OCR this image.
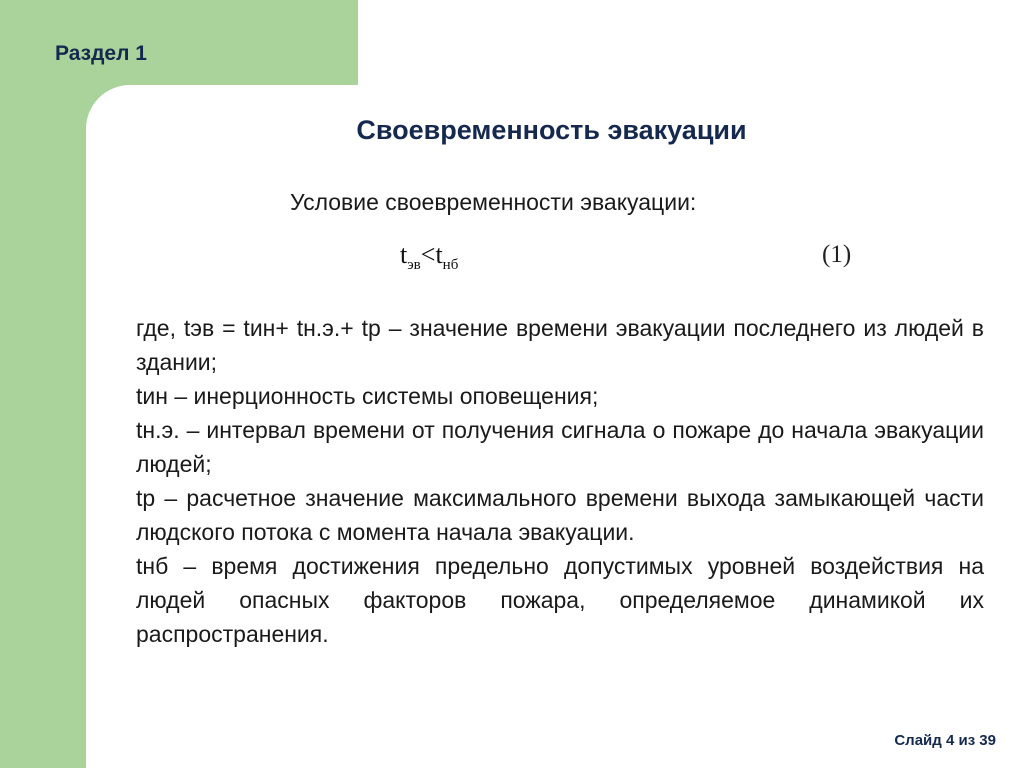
Раздел 1
Своевременность эвакуации
Условие своевременности эвакуации:
$t_{эв}<t_{нб}$	(1)

где, tэв = tин+ tн.э.+ tр – значение времени эвакуации последнего из людей в здании;

tин – инерционность системы оповещения;

tн.э. – интервал времени от получения сигнала о пожаре до начала эвакуации людей;

tр – расчетное значение максимального времени выхода замыкающей части людского потока с момента начала эвакуации.

tнб – время достижения предельно допустимых уровней воздействия на людей опасных факторов пожара, определяемое динамикой их распространения.

Слайд 4 из 39
